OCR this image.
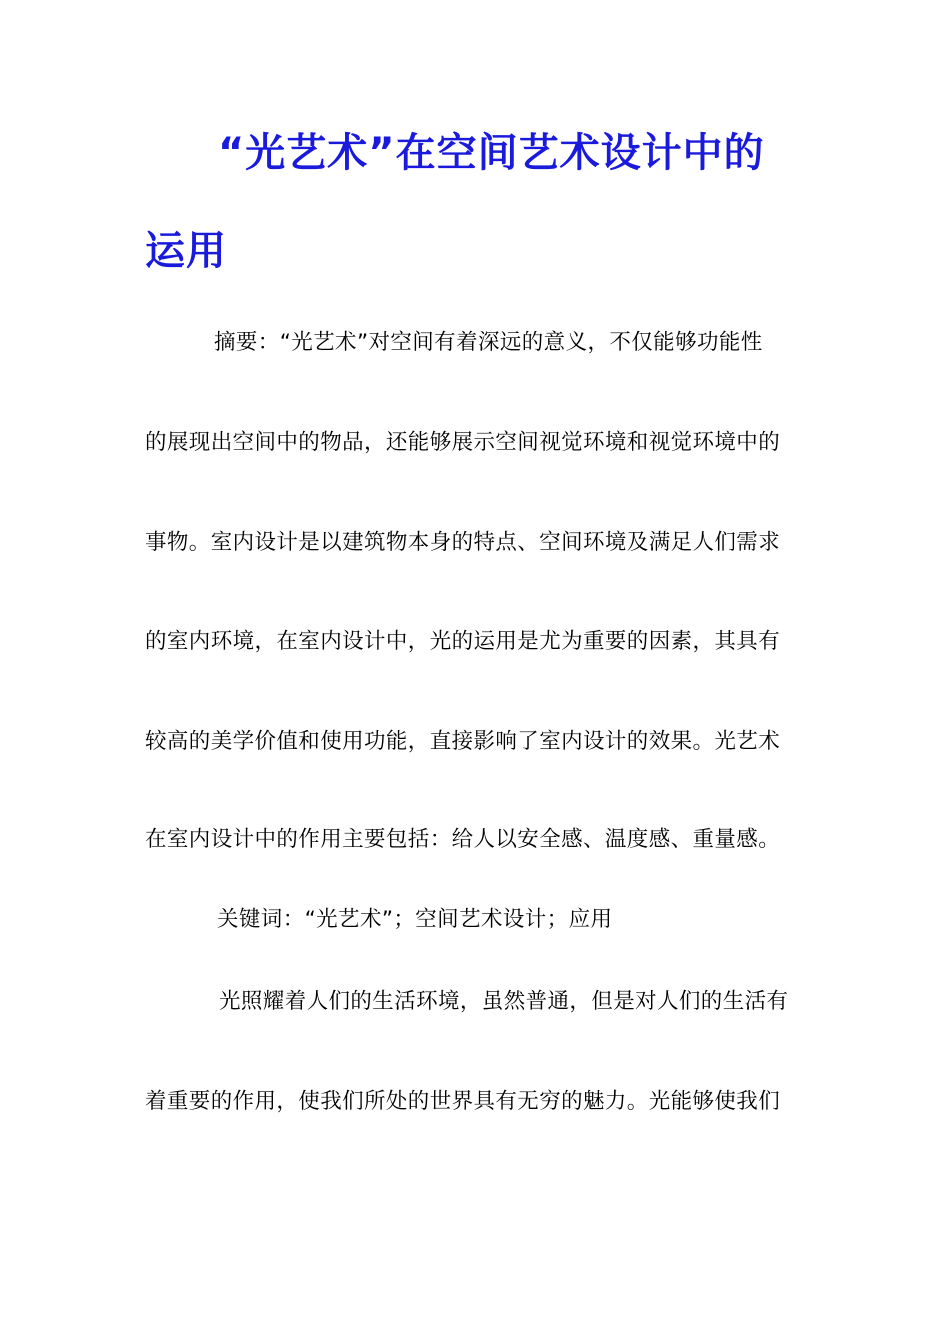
“光艺术”在空间艺术设计中的
运用
摘要：“光艺术”对空间有着深远的意义，不仅能够功能性
的展现出空间中的物品，还能够展示空间视觉环境和视觉环境中的
事物。室内设计是以建筑物本身的特点、空间环境及满足人们需求
的室内环境，在室内设计中，光的运用是尤为重要的因素，其具有
较高的美学价值和使用功能，直接影响了室内设计的效果。光艺术
在室内设计中的作用主要包括：给人以安全感、温度感、重量感。
关键词：“光艺术”；空间艺术设计；应用
光照耀着人们的生活环境，虽然普通，但是对人们的生活有
着重要的作用，使我们所处的世界具有无穷的魅力。光能够使我们
